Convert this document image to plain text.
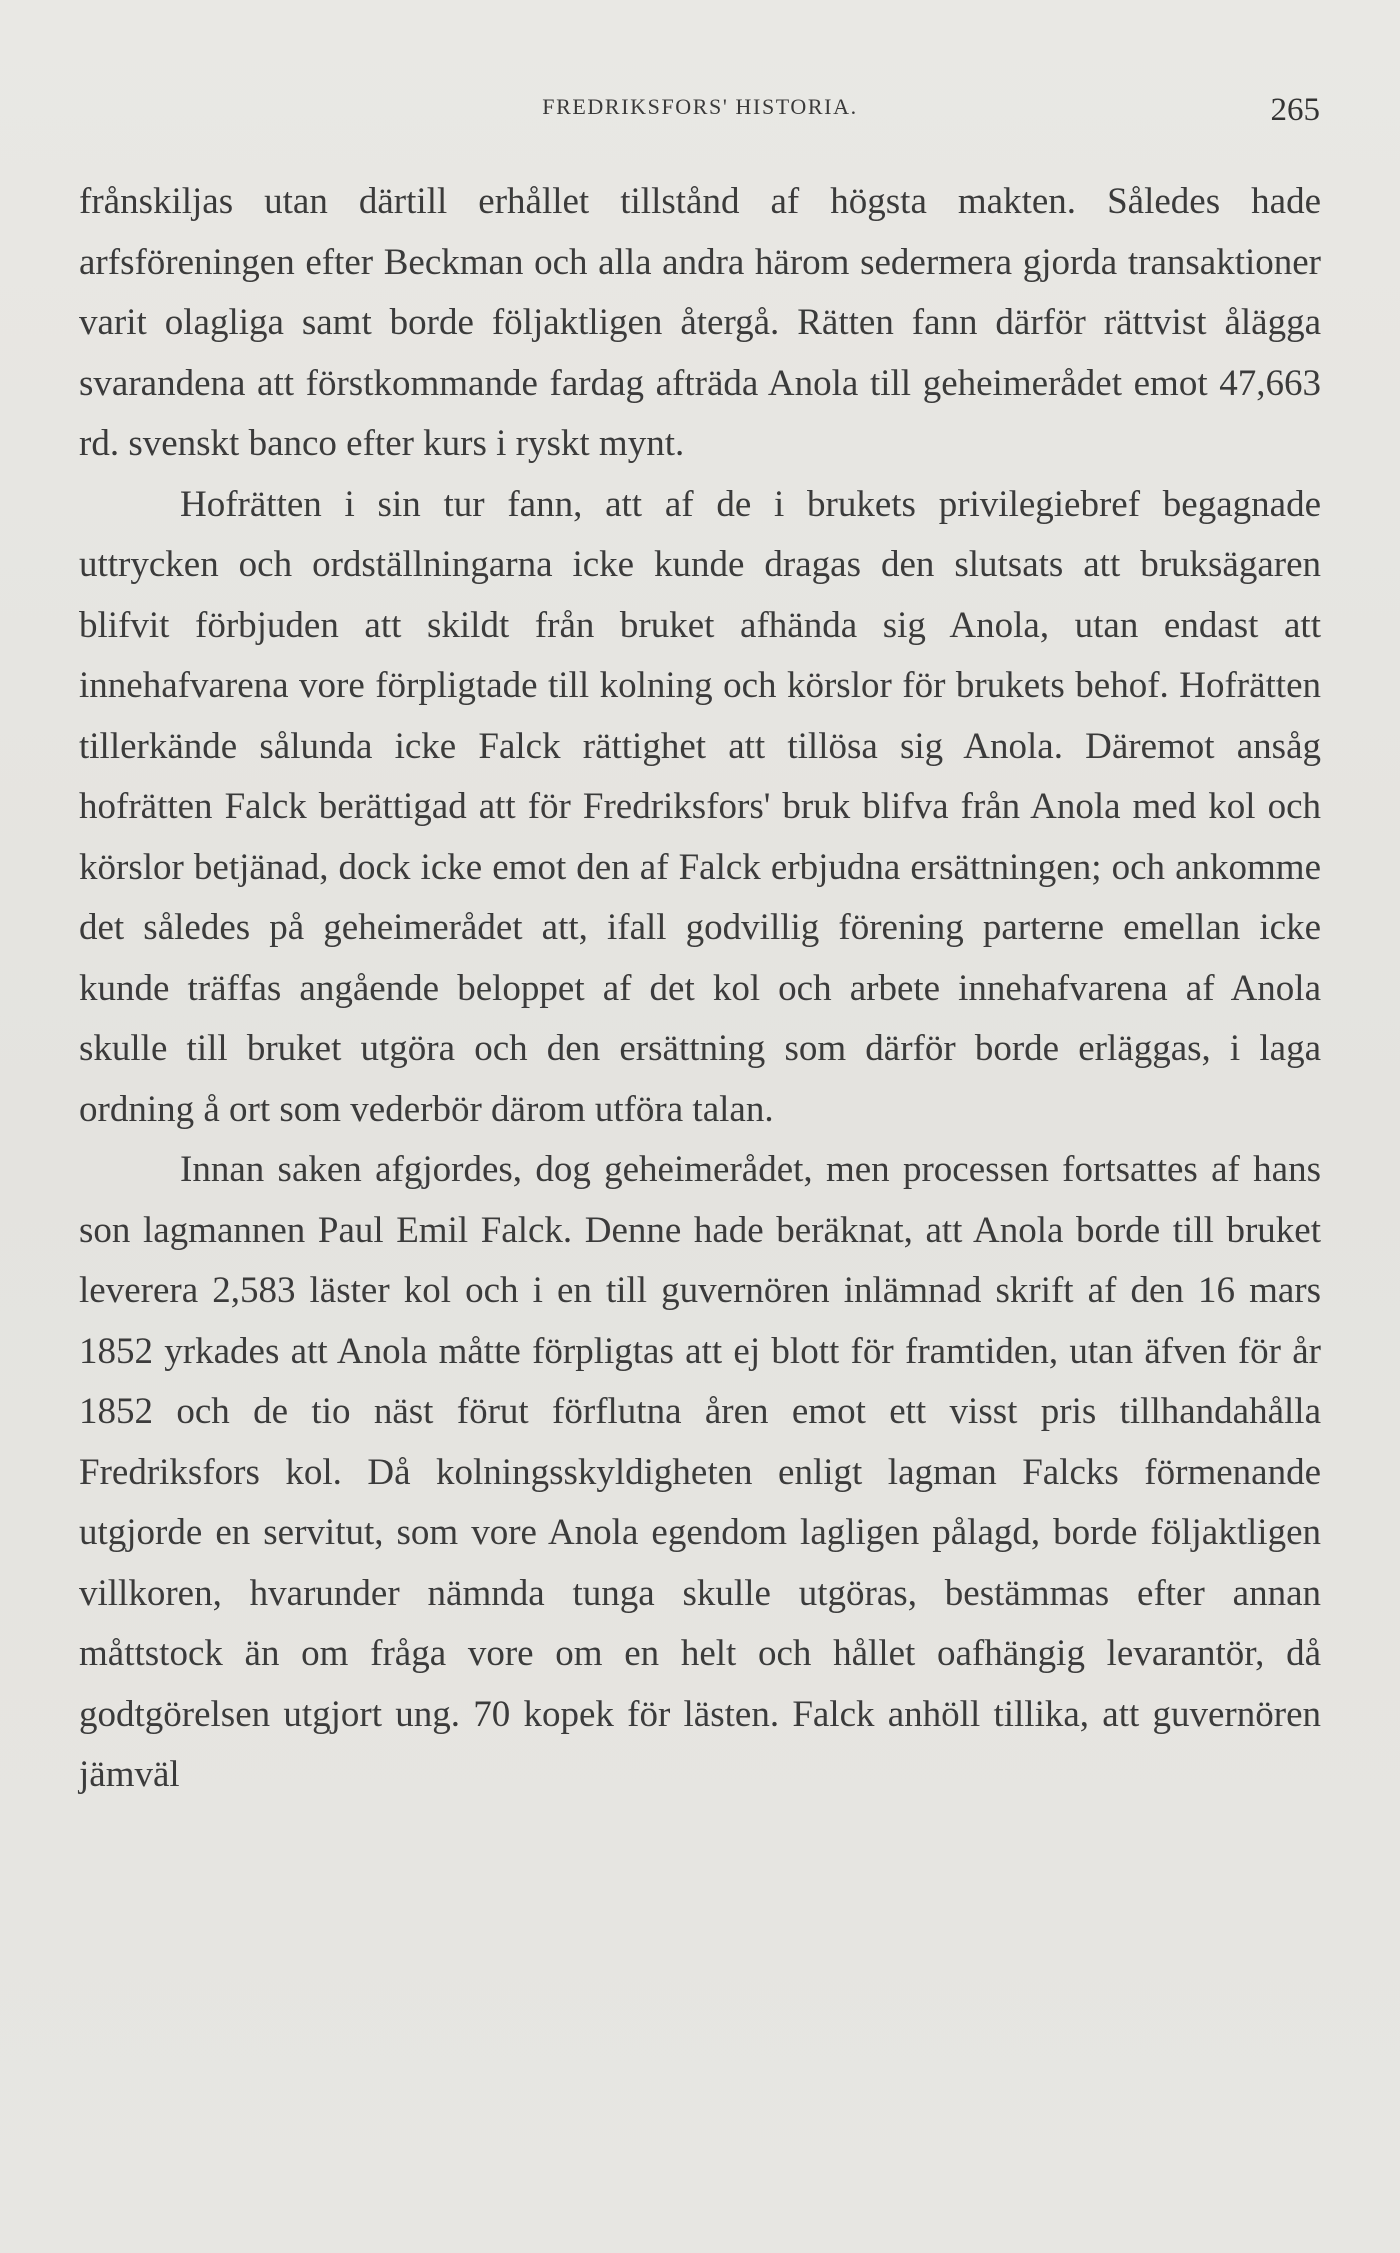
FREDRIKSFORS' HISTORIA.	265

frånskiljas utan därtill erhållet tillstånd af högsta makten. Således hade arfsföreningen efter Beckman och alla andra härom sedermera gjorda transaktioner varit olagliga samt borde följaktligen återgå. Rätten fann därför rättvist ålägga svarandena att förstkommande fardag afträda Anola till geheimerådet emot 47,663 rd. svenskt banco efter kurs i ryskt mynt.

Hofrätten i sin tur fann, att af de i brukets privilegiebref begagnade uttrycken och ordställningarna icke kunde dragas den slutsats att bruksägaren blifvit förbjuden att skildt från bruket afhända sig Anola, utan endast att innehafvarena vore förpligtade till kolning och körslor för brukets behof. Hofrätten tillerkände sålunda icke Falck rättighet att tillösa sig Anola. Däremot ansåg hofrätten Falck berättigad att för Fredriksfors' bruk blifva från Anola med kol och körslor betjänad, dock icke emot den af Falck erbjudna ersättningen; och ankomme det således på geheimerådet att, ifall godvillig förening parterne emellan icke kunde träffas angående beloppet af det kol och arbete innehafvarena af Anola skulle till bruket utgöra och den ersättning som därför borde erläggas, i laga ordning å ort som vederbör därom utföra talan.

Innan saken afgjordes, dog geheimerådet, men processen fortsattes af hans son lagmannen Paul Emil Falck. Denne hade beräknat, att Anola borde till bruket leverera 2,583 läster kol och i en till guvernören inlämnad skrift af den 16 mars 1852 yrkades att Anola måtte förpligtas att ej blott för framtiden, utan äfven för år 1852 och de tio näst förut förflutna åren emot ett visst pris tillhandahålla Fredriksfors kol. Då kolningsskyldigheten enligt lagman Falcks förmenande utgjorde en servitut, som vore Anola egendom lagligen pålagd, borde följaktligen villkoren, hvarunder nämnda tunga skulle utgöras, bestämmas efter annan måttstock än om fråga vore om en helt och hållet oafhängig levarantör, då godtgörelsen utgjort ung. 70 kopek för lästen. Falck anhöll tillika, att guvernören jämväl
